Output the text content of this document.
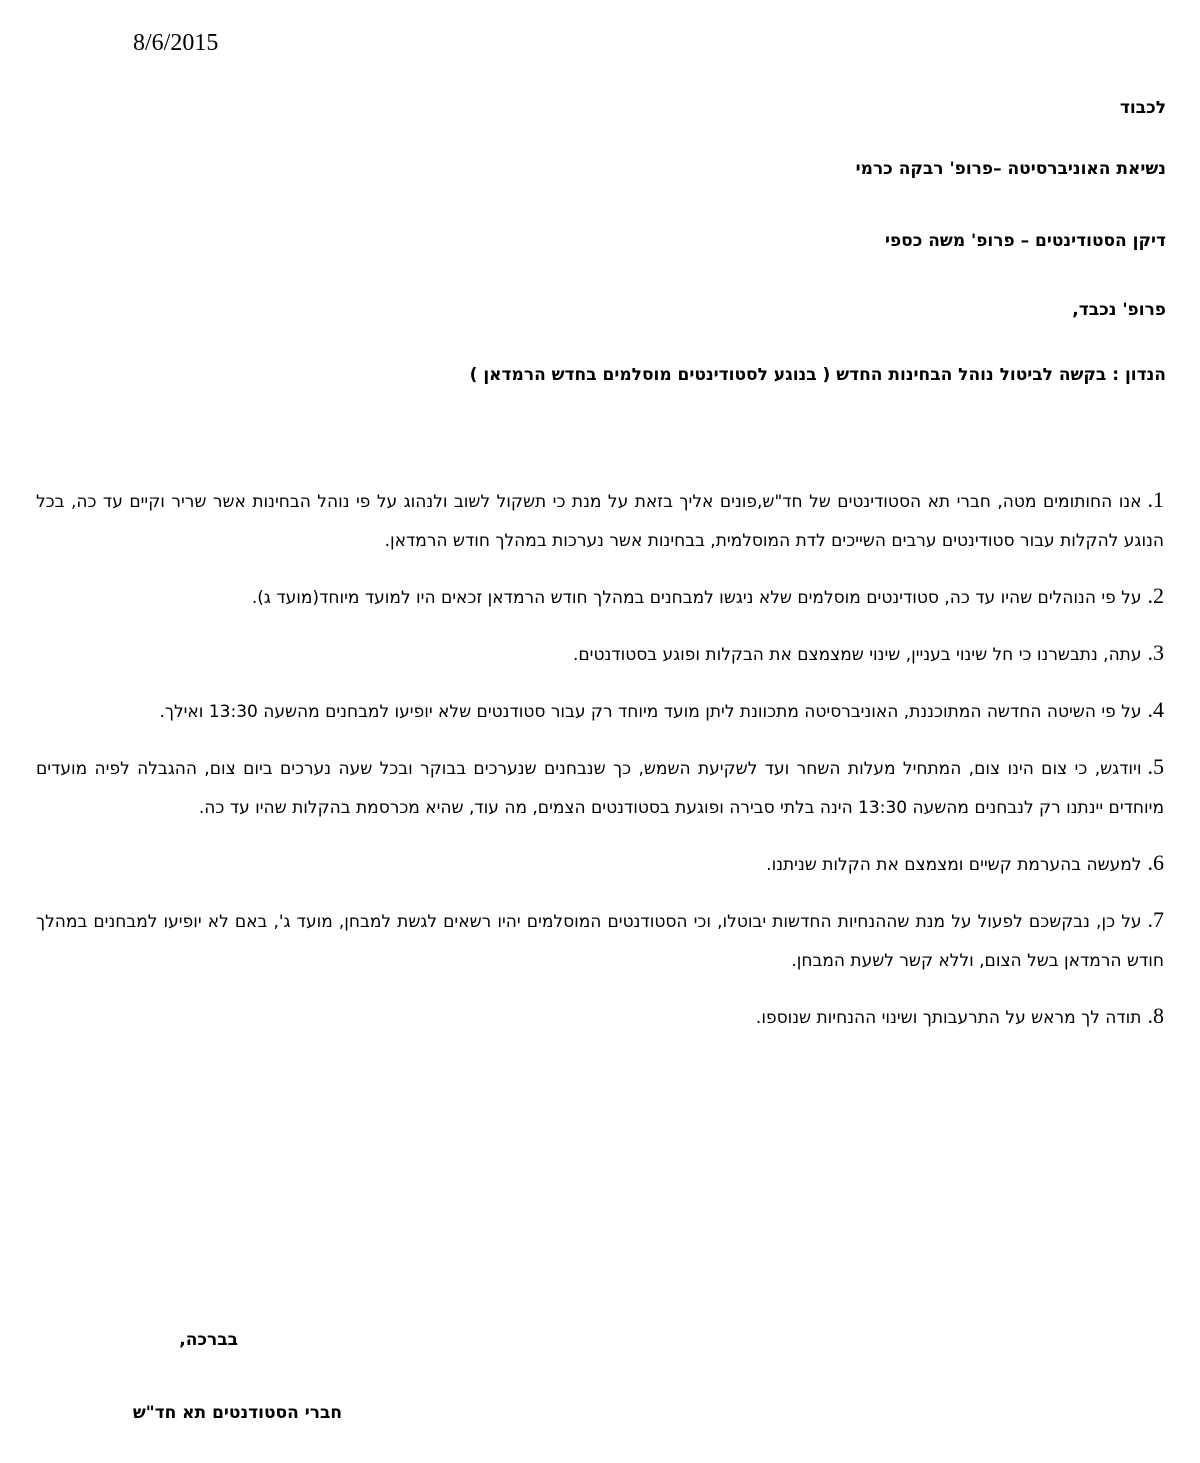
8/6/2015
לכבוד
נשיאת האוניברסיטה –פרופ' רבקה כרמי
דיקן הסטודינטים – פרופ' משה כספי
פרופ' נכבד,
הנדון : בקשה לביטול נוהל הבחינות החדש ( בנוגע לסטודינטים מוסלמים בחדש הרמדאן )
1.אנו החותומים מטה, חברי תא הסטודינטים של חד"ש,פונים אליך בזאת על מנת כי תשקול לשוב ולנהוג על פי נוהל הבחינות אשר שריר וקיים עד כה, בכל הנוגע להקלות עבור סטודינטים ערבים השייכים לדת המוסלמית, בבחינות אשר נערכות במהלך חודש הרמדאן.
2.על פי הנוהלים שהיו עד כה, סטודינטים מוסלמים שלא ניגשו למבחנים במהלך חודש הרמדאן זכאים היו למועד מיוחד(מועד ג).
3.עתה, נתבשרנו כי חל שינוי בעניין, שינוי שמצמצם את הבקלות ופוגע בסטודנטים.
4.על פי השיטה החדשה המתוכננת, האוניברסיטה מתכוונת ליתן מועד מיוחד רק עבור סטודנטים שלא יופיעו למבחנים מהשעה 13:30 ואילך.
5.ויודגש, כי צום הינו צום, המתחיל מעלות השחר ועד לשקיעת השמש, כך שנבחנים שנערכים בבוקר ובכל שעה נערכים ביום צום, ההגבלה לפיה מועדים מיוחדים יינתנו רק לנבחנים מהשעה 13:30 הינה בלתי סבירה ופוגעת בסטודנטים הצמים, מה עוד, שהיא מכרסמת בהקלות שהיו עד כה.
6.למעשה בהערמת קשיים ומצמצם את הקלות שניתנו.
7.על כן, נבקשכם לפעול על מנת שההנחיות החדשות יבוטלו, וכי הסטודנטים המוסלמים יהיו רשאים לגשת למבחן, מועד ג', באם לא יופיעו למבחנים במהלך חודש הרמדאן בשל הצום, וללא קשר לשעת המבחן.
8.תודה לך מראש על התרעבותך ושינוי ההנחיות שנוספו.
בברכה,
חברי הסטודנטים תא חד"ש
